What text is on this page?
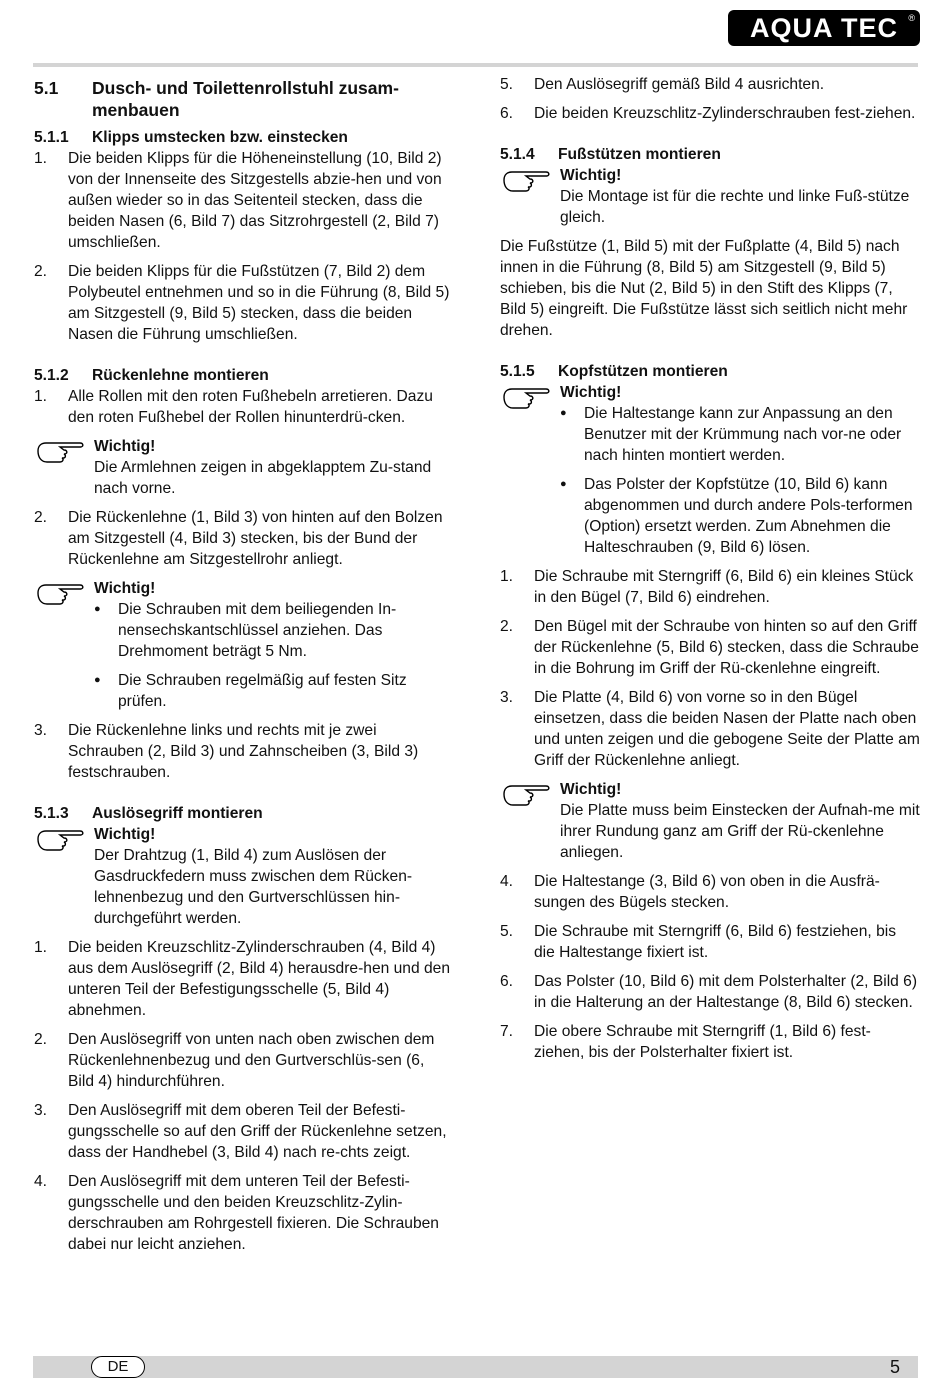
AQUA TEC ®
5.1	Dusch- und Toilettenrollstuhl zusam-menbauen
5.1.1	Klipps umstecken bzw. einstecken
1.	Die beiden Klipps für die Höheneinstellung (10, Bild 2) von der Innenseite des Sitzgestells abzie-hen und von außen wieder so in das Seitenteil stecken, dass die beiden Nasen (6, Bild 7) das Sitzrohrgestell (2, Bild 7) umschließen.
2.	Die beiden Klipps für die Fußstützen (7, Bild 2) dem Polybeutel entnehmen und so in die Führung (8, Bild 5) am Sitzgestell (9, Bild 5) stecken, dass die beiden Nasen die Führung umschließen.
5.1.2	Rückenlehne montieren
1.	Alle Rollen mit den roten Fußhebeln arretieren. Dazu den roten Fußhebel der Rollen hinunterdrü-cken.
Wichtig!
Die Armlehnen zeigen in abgeklapptem Zu-stand nach vorne.
2.	Die Rückenlehne (1, Bild 3) von hinten auf den Bolzen am Sitzgestell (4, Bild 3) stecken, bis der Bund der Rückenlehne am Sitzgestellrohr anliegt.
Wichtig!
●	Die Schrauben mit dem beiliegenden In-nensechskantschlüssel anziehen. Das Drehmoment beträgt 5 Nm.
●	Die Schrauben regelmäßig auf festen Sitz prüfen.
3.	Die Rückenlehne links und rechts mit je zwei Schrauben (2, Bild 3) und Zahnscheiben (3, Bild 3) festschrauben.
5.1.3	Auslösegriff montieren
Wichtig!
Der Drahtzug (1, Bild 4) zum Auslösen der Gasdruckfedern muss zwischen dem Rücken-lehnenbezug und den Gurtverschlüssen hin-durchgeführt werden.
1.	Die beiden Kreuzschlitz-Zylinderschrauben (4, Bild 4) aus dem Auslösegriff (2, Bild 4) herausdre-hen und den unteren Teil der Befestigungsschelle (5, Bild 4) abnehmen.
2.	Den Auslösegriff von unten nach oben zwischen dem Rückenlehnenbezug und den Gurtverschlüs-sen (6, Bild 4) hindurchführen.
3.	Den Auslösegriff mit dem oberen Teil der Befesti-gungsschelle so auf den Griff der Rückenlehne setzen, dass der Handhebel (3, Bild 4) nach re-chts zeigt.
4.	Den Auslösegriff mit dem unteren Teil der Befesti-gungsschelle und den beiden Kreuzschlitz-Zylin-derschrauben am Rohrgestell fixieren. Die Schrauben dabei nur leicht anziehen.
5.	Den Auslösegriff gemäß Bild 4 ausrichten.
6.	Die beiden Kreuzschlitz-Zylinderschrauben fest-ziehen.
5.1.4	Fußstützen montieren
Wichtig!
Die Montage ist für die rechte und linke Fuß-stütze gleich.

Die Fußstütze (1, Bild 5) mit der Fußplatte (4, Bild 5) nach innen in die Führung (8, Bild 5) am Sitzgestell (9, Bild 5) schieben, bis die Nut (2, Bild 5) in den Stift des Klipps (7, Bild 5) eingreift. Die Fußstütze lässt sich seitlich nicht mehr drehen.

5.1.5	Kopfstützen montieren
Wichtig!
●	Die Haltestange kann zur Anpassung an den Benutzer mit der Krümmung nach vor-ne oder nach hinten montiert werden.
●	Das Polster der Kopfstütze (10, Bild 6) kann abgenommen und durch andere Pols-terformen (Option) ersetzt werden. Zum Abnehmen die Halteschrauben (9, Bild 6) lösen.
1.	Die Schraube mit Sterngriff (6, Bild 6) ein kleines Stück in den Bügel (7, Bild 6) eindrehen.
2.	Den Bügel mit der Schraube von hinten so auf den Griff der Rückenlehne (5, Bild 6) stecken, dass die Schraube in die Bohrung im Griff der Rü-ckenlehne eingreift.
3.	Die Platte (4, Bild 6) von vorne so in den Bügel einsetzen, dass die beiden Nasen der Platte nach oben und unten zeigen und die gebogene Seite der Platte am Griff der Rückenlehne anliegt.
Wichtig!
Die Platte muss beim Einstecken der Aufnah-me mit ihrer Rundung ganz am Griff der Rü-ckenlehne anliegen.
4.	Die Haltestange (3, Bild 6) von oben in die Ausfrä-sungen des Bügels stecken.
5.	Die Schraube mit Sterngriff (6, Bild 6) festziehen, bis die Haltestange fixiert ist.
6.	Das Polster (10, Bild 6) mit dem Polsterhalter (2, Bild 6) in die Halterung an der Haltestange (8, Bild 6) stecken.
7.	Die obere Schraube mit Sterngriff (1, Bild 6) fest-ziehen, bis der Polsterhalter fixiert ist.
DE	5
